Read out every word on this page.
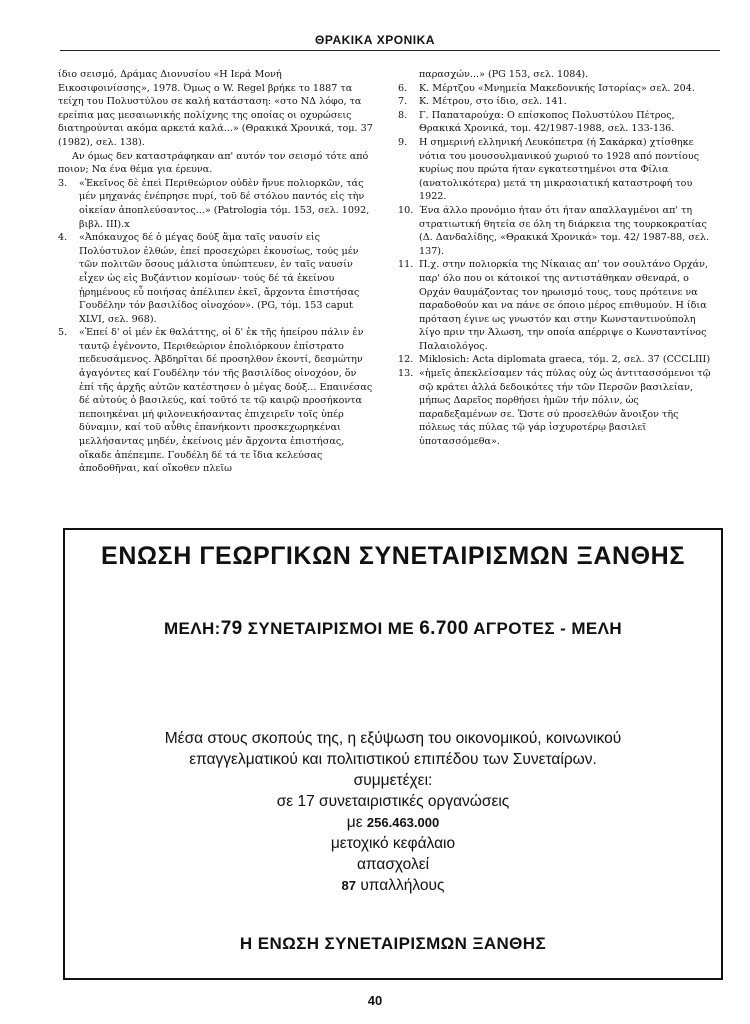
ΘΡΑΚΙΚΑ ΧΡΟΝΙΚΑ

ίδιο σεισμό, Δράμας Διονυσίου «Η Ιερά Μονή Εικοσιφοινίσσης», 1978. Όμως ο W. Regel βρήκε το 1887 τα τείχη του Πολυστύλου σε καλή κατάσταση: «στο ΝΔ λόφο, τα ερείπια μας μεσαιωνικής πολίχνης της οποίας οι οχυρώσεις διατηρούνται ακόμα αρκετά καλά...» (Θρακικά Χρονικά, τομ. 37 (1982), σελ. 138).

Αν όμως δεν καταστράφηκαν απ' αυτόν τον σεισμό τότε από ποιον; Να ένα θέμα για έρευνα.

3. «Ἐκεῖνος δὲ ἐπεὶ Περιθεώριον οὐδὲν ἤνυε πολιορκῶν, τάς μέν μηχανάς ἐνέπρησε πυρί, τοῦ δέ στόλου παντός εἰς τὴν οἰκείαν ἀποπλεύσαντος...» (Patrologia τόμ. 153, σελ. 1092, βιβλ. III).x
4. «Ἀπόκαυχος δέ ὁ μέγας δούξ ἅμα ταῖς ναυσίν εἰς Πολύστυλον ἐλθών, ἐπεί προσεχώρει ἑκουσίως, τούς μέν τῶν πολιτῶν ὅσους μάλιστα ὑπώπτευεν, ἐν ταῖς ναυσίν εἶχεν ὡς εἰς Βυζάντιον κομίσων· τούς δέ τά ἐκείνου ᾑρημένους εὖ ποιήσας ἀπέλιπεν ἐκεῖ, ἄρχοντα ἐπιστήσας Γουδέλην τόν βασιλίδος οἰνοχόον». (PG, τόμ. 153 caput XLVI, σελ. 968).
5. «Ἐπεί δ' οἱ μέν ἐκ θαλάττης, οἱ δ' ἐκ τῆς ἠπείρου πάλιν ἐν ταυτῷ ἐγένοντο, Περιθεώριον ἐπολιόρκουν ἐπίστρατο πεδευσάμενος. Ἀβδηρῖται δέ προσηλθον ἑκοντί, δεσμώτην ἀγαγόντες καί Γουδέλην τόν τῆς βασιλίδος οἰνοχόον, ὅν ἐπί τῆς ἀρχῆς αὐτῶν κατέστησεν ὁ μέγας δούξ... Επαινέσας δέ αὐτούς ὁ βασιλεύς, καί τοῦτό τε τῷ καιρῷ προσήκοντα πεποιηκέναι μή φιλονεικήσαντας ἐπιχειρεῖν τοῖς ὑπέρ δύναμιν, καί τοῦ αὖθις ἐπανήκοντι προσκεχωρηκέναι μελλήσαντας μηδέν, ἐκείνοις μέν ἄρχοντα ἐπιστήσας, οἴκαδε ἀπέπεμπε. Γουδέλη δέ τά τε ἴδια κελεύσας ἀποδοθῆναι, καί οἴκοθεν πλεῖω
παρασχών...» (PG 153, σελ. 1084).
6. Κ. Μέρτζου «Μνημεία Μακεδονικής Ιστορίας» σελ. 204.
7. Κ. Μέτρου, στο ίδιο, σελ. 141.
8. Γ. Παπαταρούχα: Ο επίσκοπος Πολυστύλου Πέτρος, Θρακικά Χρονικά, τομ. 42/1987-1988, σελ. 133-136.
9. Η σημερινή ελληνική Λευκόπετρα (ή Σακάρκα) χτίσθηκε νότια του μουσουλμανικού χωριού το 1928 από ποντίους κυρίως που πρώτα ήταν εγκατεστημένοι στα Φίλια (ανατολικότερα) μετά τη μικρασιατική καταστροφή του 1922.
10. Ένα άλλο προνόμιο ήταν ότι ήταν απαλλαγμένοι απ' τη στρατιωτική θητεία σε όλη τη διάρκεια της τουρκοκρατίας (Δ. Δανδαλίδης, «Θρακικά Χρονικά» τομ. 42/ 1987-88, σελ. 137).
11. Π.χ. στην πολιορκία της Νίκαιας απ' τον σουλτάνο Ορχάν, παρ' όλο που οι κάτοικοί της αντιστάθηκαν σθεναρά, ο Ορχάν θαυμάζοντας τον ηρωισμό τους, τους πρότεινε να παραδοθούν και να πάνε σε όποιο μέρος επιθυμούν. Η ίδια πρόταση έγινε ως γνωστόν και στην Κωνσταντινούπολη λίγο πριν την Άλωση, την οποία απέρριψε ο Κωνσταντίνος Παλαιολόγος.
12. Miklosich: Acta diplomata graeca, τόμ. 2, σελ. 37 (CCCLIII)
13. «ἡμεῖς ἀπεκλείσαμεν τάς πύλας οὐχ ὡς ἀντιτασσόμενοι τῷ σῷ κράτει ἀλλά δεδοικότες τήν τῶν Περσῶν βασιλείαν, μήπως Δαρεῖος πορθήσει ἡμῶν τήν πόλιν, ὡς παραδεξαμένων σε. Ὥστε σύ προσελθών ἄνοιξον τῆς πόλεως τάς πύλας τῷ γάρ ἰσχυροτέρῳ βασιλεῖ ὑποτασσόμεθα».
ΕΝΩΣΗ ΓΕΩΡΓΙΚΩΝ ΣΥΝΕΤΑΙΡΙΣΜΩΝ ΞΑΝΘΗΣ
ΜΕΛΗ:79 ΣΥΝΕΤΑΙΡΙΣΜΟΙ ΜΕ 6.700 ΑΓΡΟΤΕΣ - ΜΕΛΗ
Μέσα στους σκοπούς της, η εξύψωση του οικονομικού, κοινωνικού
επαγγελματικού και πολιτιστικού επιπέδου των Συνεταίρων.
συμμετέχει:
σε 17 συνεταιριστικές οργανώσεις
με 256.463.000
μετοχικό κεφάλαιο
απασχολεί
87 υπαλλήλους
Η ΕΝΩΣΗ ΣΥΝΕΤΑΙΡΙΣΜΩΝ ΞΑΝΘΗΣ
40
